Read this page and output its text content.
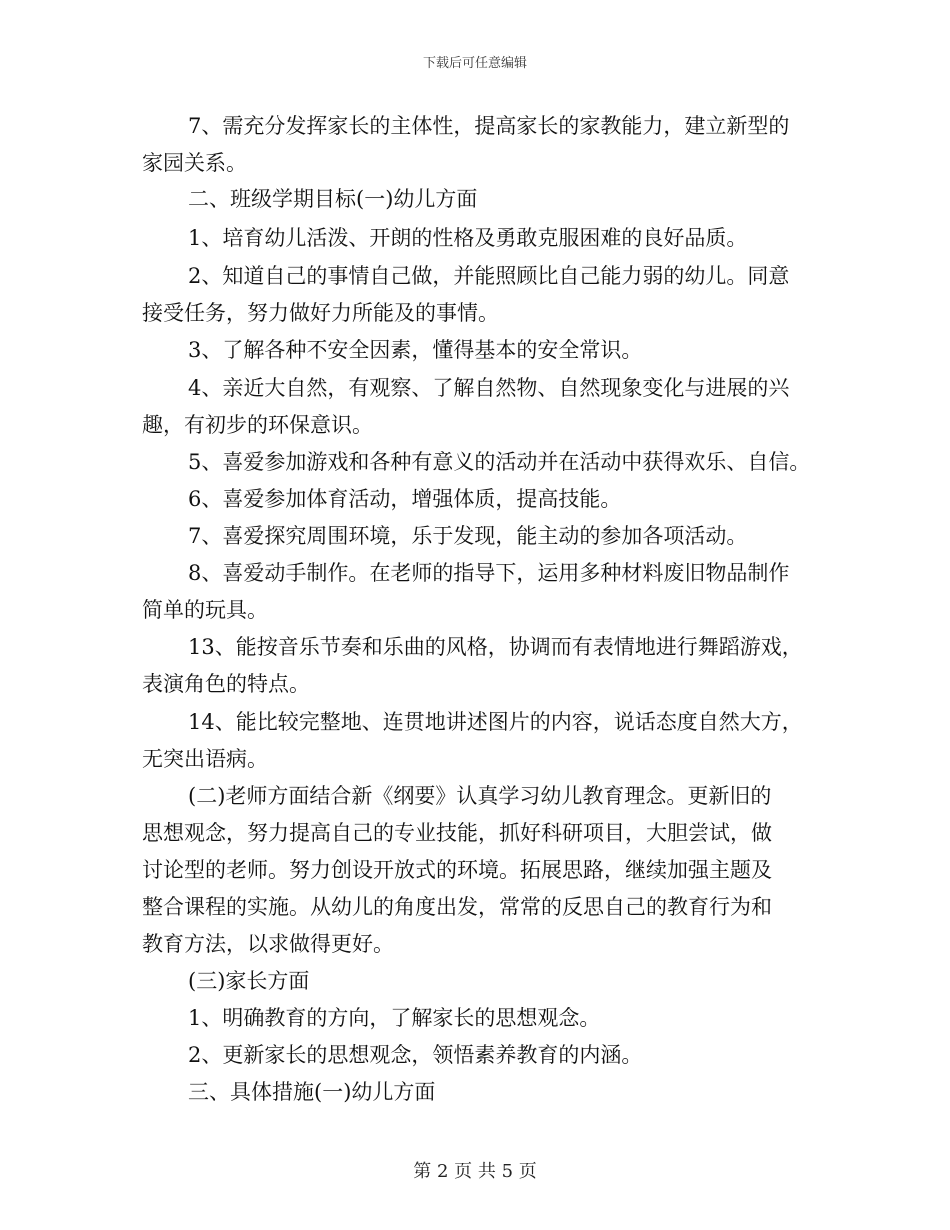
下载后可任意编辑
7、需充分发挥家长的主体性，提高家长的家教能力，建立新型的
家园关系。
二、班级学期目标(一)幼儿方面
1、培育幼儿活泼、开朗的性格及勇敢克服困难的良好品质。
2、知道自己的事情自己做，并能照顾比自己能力弱的幼儿。同意
接受任务，努力做好力所能及的事情。
3、了解各种不安全因素，懂得基本的安全常识。
4、亲近大自然，有观察、了解自然物、自然现象变化与进展的兴
趣，有初步的环保意识。
5、喜爱参加游戏和各种有意义的活动并在活动中获得欢乐、自信。
6、喜爱参加体育活动，增强体质，提高技能。
7、喜爱探究周围环境，乐于发现，能主动的参加各项活动。
8、喜爱动手制作。在老师的指导下，运用多种材料废旧物品制作
简单的玩具。
13、能按音乐节奏和乐曲的风格，协调而有表情地进行舞蹈游戏，
表演角色的特点。
14、能比较完整地、连贯地讲述图片的内容，说话态度自然大方，
无突出语病。
(二)老师方面结合新《纲要》认真学习幼儿教育理念。更新旧的
思想观念，努力提高自己的专业技能，抓好科研项目，大胆尝试，做
讨论型的老师。努力创设开放式的环境。拓展思路，继续加强主题及
整合课程的实施。从幼儿的角度出发，常常的反思自己的教育行为和
教育方法，以求做得更好。
(三)家长方面
1、明确教育的方向，了解家长的思想观念。
2、更新家长的思想观念，领悟素养教育的内涵。
三、具体措施(一)幼儿方面
第 2 页 共 5 页
